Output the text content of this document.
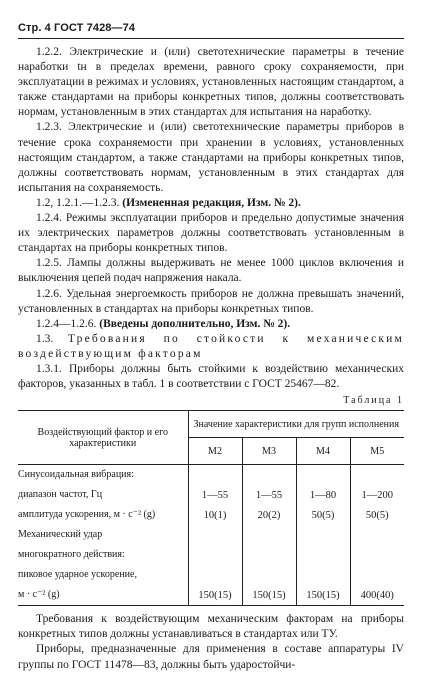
Стр. 4 ГОСТ 7428—74

1.2.2. Электрические и (или) светотехнические параметры в течение наработки tн в пределах времени, равного сроку сохраняемости, при эксплуатации в режимах и условиях, установленных настоящим стандартом, а также стандартами на приборы конкретных типов, должны соответствовать нормам, установленным в этих стандартах для испытания на наработку.

1.2.3. Электрические и (или) светотехнические параметры приборов в течение срока сохраняемости при хранении в условиях, установленных настоящим стандартом, а также стандартами на приборы конкретных типов, должны соответствовать нормам, установленным в этих стандартах для испытания на сохраняемость.

1.2, 1.2.1.—1.2.3. (Измененная редакция, Изм. № 2).

1.2.4. Режимы эксплуатации приборов и предельно допустимые значения их электрических параметров должны соответствовать установленным в стандартах на приборы конкретных типов.

1.2.5. Лампы должны выдерживать не менее 1000 циклов включения и выключения цепей подач напряжения накала.

1.2.6. Удельная энергоемкость приборов не должна превышать значений, установленных в стандартах на приборы конкретных типов.

1.2.4—1.2.6. (Введены дополнительно, Изм. № 2).

1.3. Требования по стойкости к механическим воздействующим факторам

1.3.1. Приборы должны быть стойкими к воздействию механических факторов, указанных в табл. 1 в соответствии с ГОСТ 25467—82.

Таблица 1
Воздействующий фактор и его характеристики	Значение характеристики для групп исполнения			
	М2	М3	М4	М5
Синусоидальная вибрация:				
диапазон частот, Гц	1—55	1—55	1—80	1—200
амплитуда ускорения, м · с⁻² (g)	10(1)	20(2)	50(5)	50(5)
Механический удар				
многократного действия:				
пиковое ударное ускорение,				
м · с⁻² (g)	150(15)	150(15)	150(15)	400(40)

Требования к воздействующим механическим факторам на приборы конкретных типов должны устанавливаться в стандартах или ТУ.

Приборы, предназначенные для применения в составе аппаратуры IV группы по ГОСТ 11478—83, должны быть ударостойчи-
